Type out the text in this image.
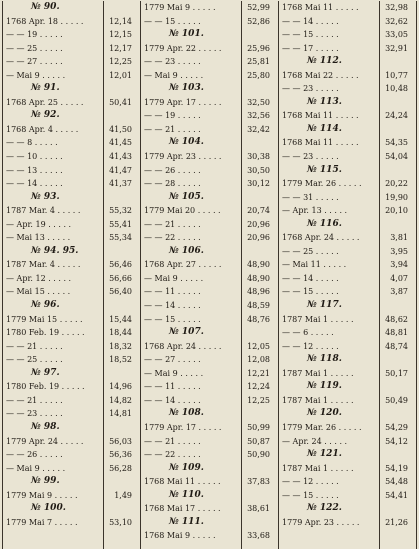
№ 90.
1768 Apr. 18 . . . . .	12,14
— — 19 . . . . .	12,15
— — 25 . . . . .	12,17
— — 27 . . . . .	12,25
— Mai 9 . . . . .	12,01
№ 91.
1768 Apr. 25 . . . . .	50,41
№ 92.
1768 Apr. 4 . . . . .	41,50
— — 8 . . . . .	41,45
— — 10 . . . . .	41,43
— — 13 . . . . .	41,47
— — 14 . . . . .	41,37
№ 93.
1787 Mar. 4 . . . . .	55,32
— Apr. 19 . . . . .	55,41
— Mai 13 . . . . .	55,34
№ 94. 95.
1787 Mar. 4 . . . . .	56,46
— Apr. 12 . . . . .	56,66
— Mai 15 . . . . .	56,40
№ 96.
1779 Mai 15 . . . . .	15,44
1780 Feb. 19 . . . . .	18,44
— — 21 . . . . .	18,32
— — 25 . . . . .	18,52
№ 97.
1780 Feb. 19 . . . . .	14,96
— — 21 . . . . .	14,82
— — 23 . . . . .	14,81
№ 98.
1779 Apr. 24 . . . . .	56,03
— — 26 . . . . .	56,36
— Mai 9 . . . . .	56,28
№ 99.
1779 Mai 9 . . . . .	1,49
№ 100.
1779 Mai 7 . . . . .	53,10
1779 Mai 9 . . . . .	52,99
— — 15 . . . . .	52,86
№ 101.
1779 Apr. 22 . . . . .	25,96
— — 23 . . . . .	25,81
— Mai 9 . . . . .	25,80
№ 103.
1779 Apr. 17 . . . . .	32,50
— — 19 . . . . .	32,56
— — 21 . . . . .	32,42
№ 104.
1779 Apr. 23 . . . . .	30,38
— — 26 . . . . .	30,50
— — 28 . . . . .	30,12
№ 105.
1779 Mai 20 . . . . .	20,74
— — 21 . . . . .	20,96
— — 22 . . . . .	20,96
№ 106.
1768 Apr. 27 . . . . .	48,90
— Mai 9 . . . . .	48,90
— — 11 . . . . .	48,96
— — 14 . . . . .	48,59
— — 15 . . . . .	48,76
№ 107.
1768 Apr. 24 . . . . .	12,05
— — 27 . . . . .	12,08
— Mai 9 . . . . .	12,21
— — 11 . . . . .	12,24
— — 14 . . . . .	12,25
№ 108.
1779 Apr. 17 . . . . .	50,99
— — 21 . . . . .	50,87
— — 22 . . . . .	50,90
№ 109.
1768 Mai 11 . . . . .	37,83
№ 110.
1768 Mai 17 . . . . .	38,61
№ 111.
1768 Mai 9 . . . . .	33,68
1768 Mai 11 . . . . .	32,98
— — 14 . . . . .	32,62
— — 15 . . . . .	33,05
— — 17 . . . . .	32,91
№ 112.
1768 Mai 22 . . . . .	10,77
— — 23 . . . . .	10,48
№ 113.
1768 Mai 11 . . . . .	24,24
№ 114.
1768 Mai 11 . . . . .	54,35
— — 23 . . . . .	54,04
№ 115.
1779 Mar. 26 . . . . .	20,22
— — 31 . . . . .	19,90
— Apr. 13 . . . . .	20,10
№ 116.
1768 Apr. 24 . . . . .	3,81
— — 25 . . . . .	3,95
— Mai 11 . . . . .	3,94
— — 14 . . . . .	4,07
— — 15 . . . . .	3,87
№ 117.
1787 Mai 1 . . . . .	48,62
— — 6 . . . . .	48,81
— — 12 . . . . .	48,74
№ 118.
1787 Mai 1 . . . . .	50,17
№ 119.
1787 Mai 1 . . . . .	50,49
№ 120.
1779 Mar. 26 . . . . .	54,29
— Apr. 24 . . . . .	54,12
№ 121.
1787 Mai 1 . . . . .	54,19
— — 12 . . . . .	54,48
— — 15 . . . . .	54,41
№ 122.
1779 Apr. 23 . . . . .	21,26
